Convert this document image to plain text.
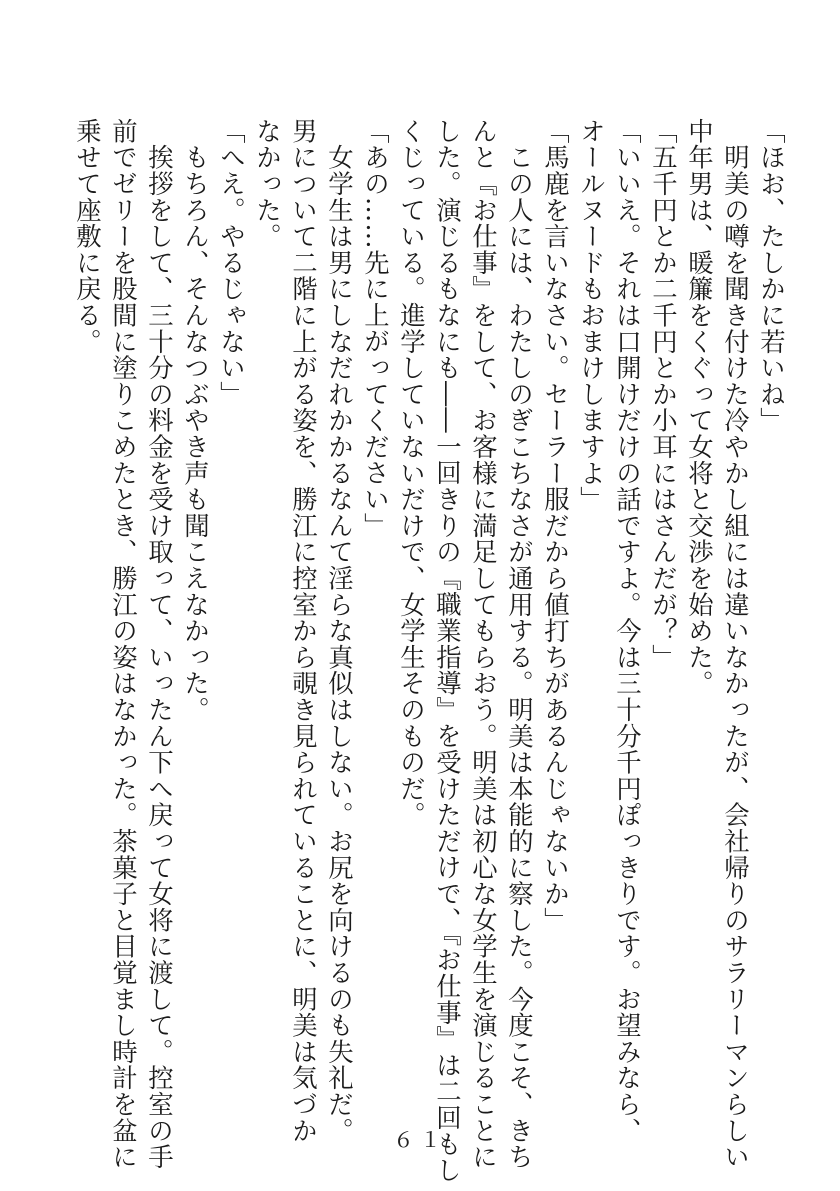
「ほお、たしかに若いね」
　明美の噂を聞き付けた冷やかし組には違いなかったが、会社帰りのサラリーマンらしい
中年男は、暖簾をくぐって女将と交渉を始めた。
「五千円とか二千円とか小耳にはさんだが？」
「いいえ。それは口開けだけの話ですよ。今は三十分千円ぽっきりです。お望みなら、
オールヌードもおまけしますよ」
「馬鹿を言いなさい。セーラー服だから値打ちがあるんじゃないか」
　この人には、わたしのぎこちなさが通用する。明美は本能的に察した。今度こそ、きち
んと『お仕事』をして、お客様に満足してもらおう。明美は初心な女学生を演じることに
した。演じるもなにも――一回きりの『職業指導』を受けただけで、『お仕事』は二回もし
くじっている。進学していないだけで、女学生そのものだ。
「あの……先に上がってください」
　女学生は男にしなだれかかるなんて淫らな真似はしない。お尻を向けるのも失礼だ。
男について二階に上がる姿を、勝江に控室から覗き見られていることに、明美は気づか
なかった。
「へえ。やるじゃない」
　もちろん、そんなつぶやき声も聞こえなかった。
　挨拶をして、三十分の料金を受け取って、いったん下へ戻って女将に渡して。控室の手
前でゼリーを股間に塗りこめたとき、勝江の姿はなかった。茶菓子と目覚まし時計を盆に
乗せて座敷に戻る。
６１
